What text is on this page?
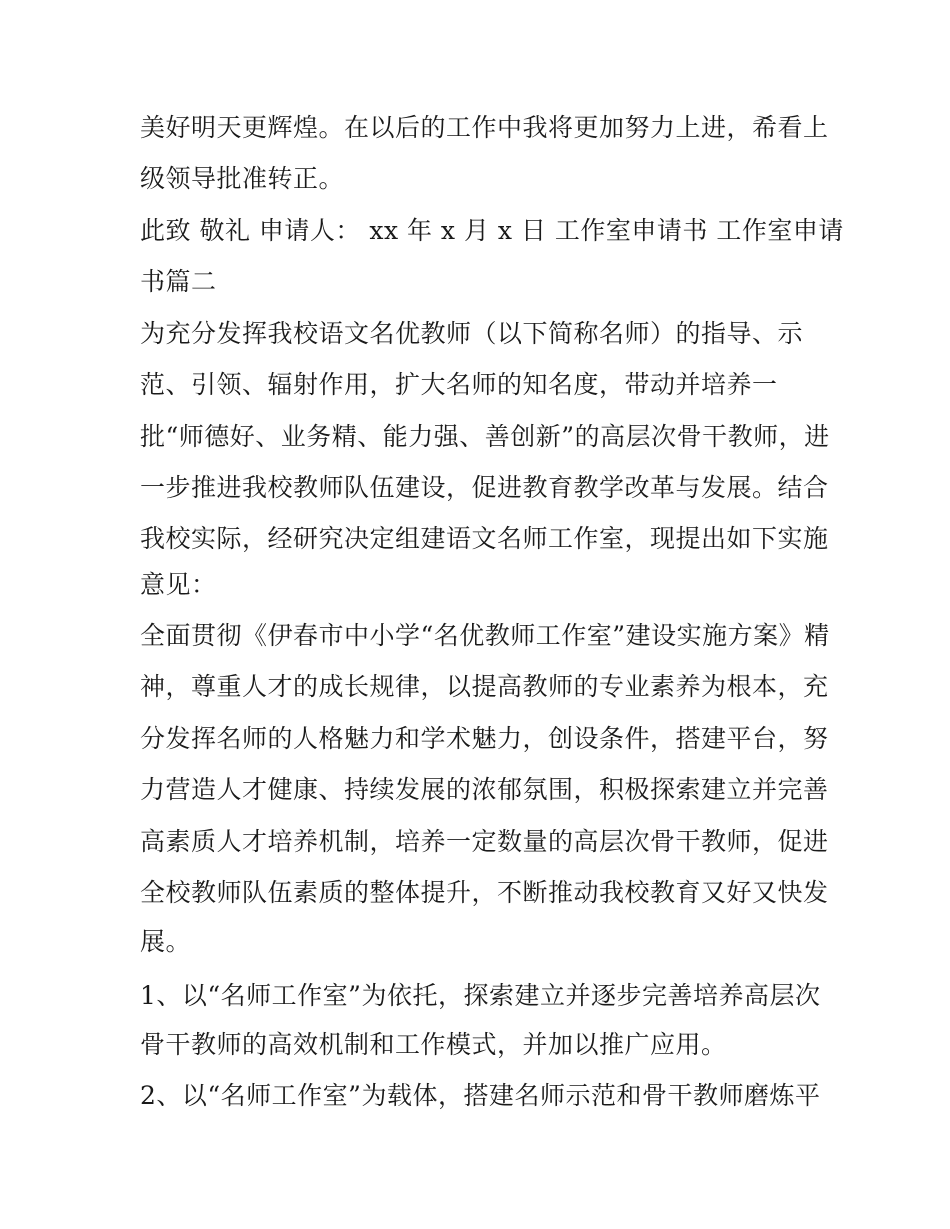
美好明天更辉煌。在以后的工作中我将更加努力上进，希看上
级领导批准转正。
此致 敬礼 申请人： xx 年 x 月 x 日 工作室申请书 工作室申请
书篇二
为充分发挥我校语文名优教师（以下简称名师）的指导、示
范、引领、辐射作用，扩大名师的知名度，带动并培养一
批“师德好、业务精、能力强、善创新”的高层次骨干教师，进
一步推进我校教师队伍建设，促进教育教学改革与发展。结合
我校实际，经研究决定组建语文名师工作室，现提出如下实施
意见：
全面贯彻《伊春市中小学“名优教师工作室”建设实施方案》精
神，尊重人才的成长规律，以提高教师的专业素养为根本，充
分发挥名师的人格魅力和学术魅力，创设条件，搭建平台，努
力营造人才健康、持续发展的浓郁氛围，积极探索建立并完善
高素质人才培养机制，培养一定数量的高层次骨干教师，促进
全校教师队伍素质的整体提升，不断推动我校教育又好又快发
展。
1、以“名师工作室”为依托，探索建立并逐步完善培养高层次
骨干教师的高效机制和工作模式，并加以推广应用。
2、以“名师工作室”为载体，搭建名师示范和骨干教师磨炼平
